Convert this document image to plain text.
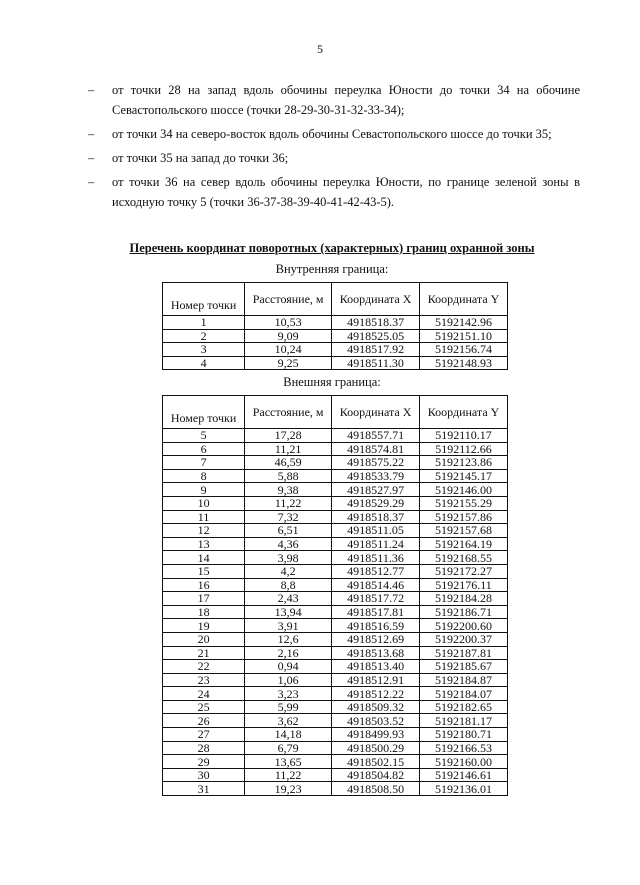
5
– от точки 28 на запад вдоль обочины переулка Юности до точки 34 на обочине Севастопольского шоссе (точки 28-29-30-31-32-33-34);
– от точки 34 на северо-восток вдоль обочины Севастопольского шоссе до точки 35;
– от точки 35 на запад до точки 36;
– от точки 36 на север вдоль обочины переулка Юности, по границе зеленой зоны в исходную точку 5 (точки 36-37-38-39-40-41-42-43-5).
Перечень координат поворотных (характерных) границ охранной зоны
Внутренняя граница:
Номер точки	Расстояние, м	Координата X	Координата Y
1	10,53	4918518.37	5192142.96
2	9,09	4918525.05	5192151.10
3	10,24	4918517.92	5192156.74
4	9,25	4918511.30	5192148.93
Внешняя граница:
Номер точки	Расстояние, м	Координата X	Координата Y
5	17,28	4918557.71	5192110.17
6	11,21	4918574.81	5192112.66
7	46,59	4918575.22	5192123.86
8	5,88	4918533.79	5192145.17
9	9,38	4918527.97	5192146.00
10	11,22	4918529.29	5192155.29
11	7,32	4918518.37	5192157.86
12	6,51	4918511.05	5192157.68
13	4,36	4918511.24	5192164.19
14	3,98	4918511.36	5192168.55
15	4,2	4918512.77	5192172.27
16	8,8	4918514.46	5192176.11
17	2,43	4918517.72	5192184.28
18	13,94	4918517.81	5192186.71
19	3,91	4918516.59	5192200.60
20	12,6	4918512.69	5192200.37
21	2,16	4918513.68	5192187.81
22	0,94	4918513.40	5192185.67
23	1,06	4918512.91	5192184.87
24	3,23	4918512.22	5192184.07
25	5,99	4918509.32	5192182.65
26	3,62	4918503.52	5192181.17
27	14,18	4918499.93	5192180.71
28	6,79	4918500.29	5192166.53
29	13,65	4918502.15	5192160.00
30	11,22	4918504.82	5192146.61
31	19,23	4918508.50	5192136.01
